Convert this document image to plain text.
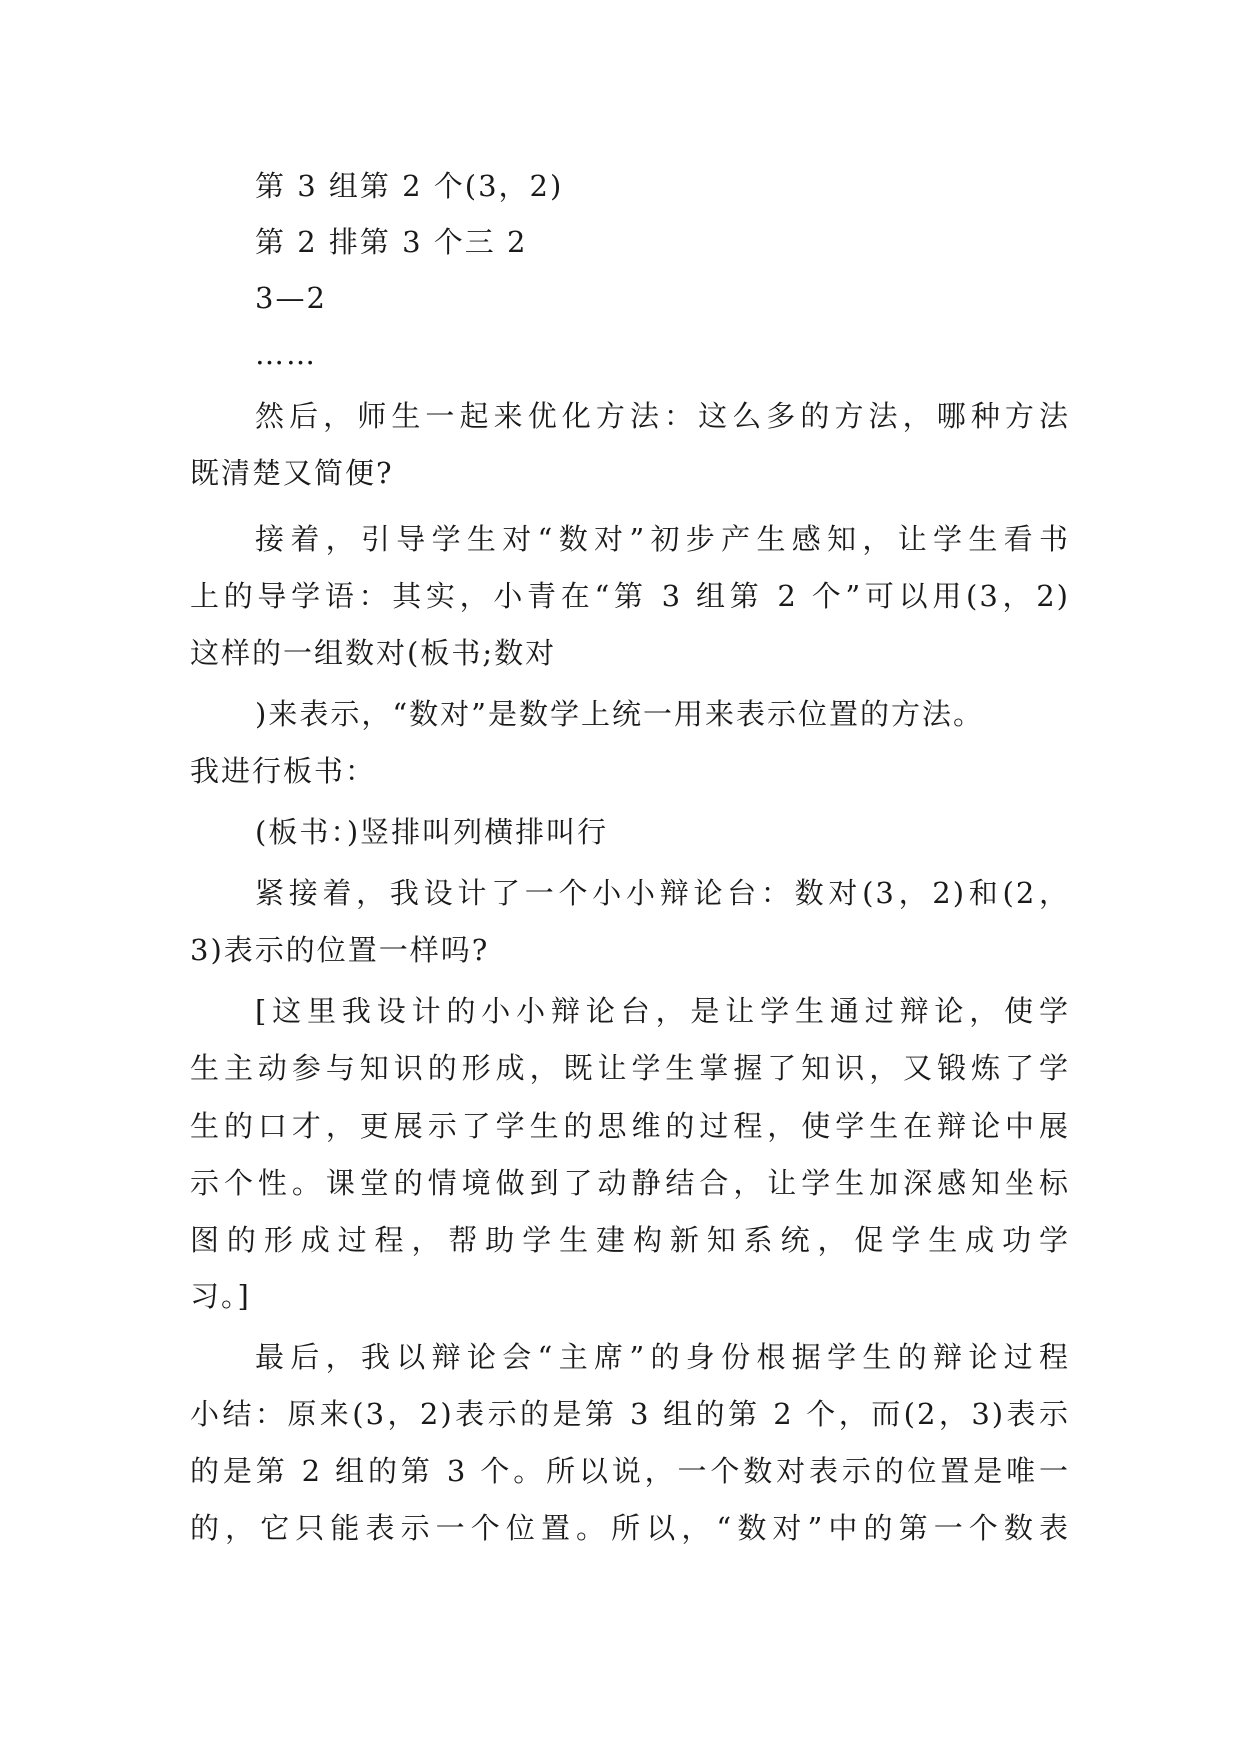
第 3 组第 2 个(3，2)
第 2 排第 3 个三 2
3—2
……
然后，师生一起来优化方法：这么多的方法，哪种方法
既清楚又简便?
接着，引导学生对“数对”初步产生感知，让学生看书
上的导学语：其实，小青在“第 3 组第 2 个”可以用(3，2)
这样的一组数对(板书;数对
)来表示，“数对”是数学上统一用来表示位置的方法。
我进行板书：
(板书：)竖排叫列横排叫行
紧接着，我设计了一个小小辩论台：数对(3，2)和(2，
3)表示的位置一样吗?
[这里我设计的小小辩论台，是让学生通过辩论，使学
生主动参与知识的形成，既让学生掌握了知识，又锻炼了学
生的口才，更展示了学生的思维的过程，使学生在辩论中展
示个性。课堂的情境做到了动静结合，让学生加深感知坐标
图的形成过程，帮助学生建构新知系统，促学生成功学
习。]
最后，我以辩论会“主席”的身份根据学生的辩论过程
小结：原来(3，2)表示的是第 3 组的第 2 个，而(2，3)表示
的是第 2 组的第 3 个。所以说，一个数对表示的位置是唯一
的，它只能表示一个位置。所以，“数对”中的第一个数表
